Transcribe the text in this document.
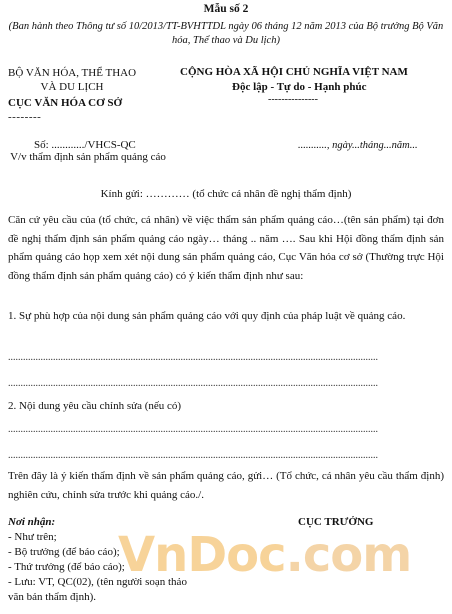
Mẫu số 2
(Ban hành theo Thông tư số 10/2013/TT-BVHTTDL ngày 06 tháng 12 năm 2013 của Bộ trưởng Bộ Văn hóa, Thể thao và Du lịch)
BỘ VĂN HÓA, THỂ THAO
VÀ DU LỊCH
CỤC VĂN HÓA CƠ SỞ
--------
CỘNG HÒA XÃ HỘI CHỦ NGHĨA VIỆT NAM
Độc lập - Tự do - Hạnh phúc
---------------
Số: ............/VHCS-QC	..........., ngày...tháng...năm...
V/v thẩm định sản phẩm quảng cáo
Kính gửi: ………… (tổ chức cá nhân đề nghị thẩm định)
Căn cứ yêu cầu của (tổ chức, cá nhân) về việc thẩm sản phẩm quảng cáo…(tên sản phẩm) tại đơn đề nghị thẩm định sản phẩm quảng cáo ngày… tháng .. năm …. Sau khi Hội đồng thẩm định sản phẩm quảng cáo họp xem xét nội dung sản phẩm quảng cáo, Cục Văn hóa cơ sở (Thường trực Hội đồng thẩm định sản phẩm quảng cáo) có ý kiến thẩm định như sau:
1. Sự phù hợp của nội dung sản phẩm quảng cáo với quy định của pháp luật về quảng cáo.
....................................................................................................................................................
....................................................................................................................................................
2. Nội dung yêu cầu chỉnh sửa (nếu có)
....................................................................................................................................................
....................................................................................................................................................
Trên đây là ý kiến thẩm định về sản phẩm quảng cáo, gửi… (Tổ chức, cá nhân yêu cầu thẩm định) nghiên cứu, chỉnh sửa trước khi quảng cáo./.
Nơi nhận:
- Như trên;
- Bộ trưởng (để báo cáo);
- Thứ trưởng (để báo cáo);
- Lưu: VT, QC(02), (tên người soạn thảo
văn bản thẩm định).
CỤC TRƯỞNG
VnDoc.com
